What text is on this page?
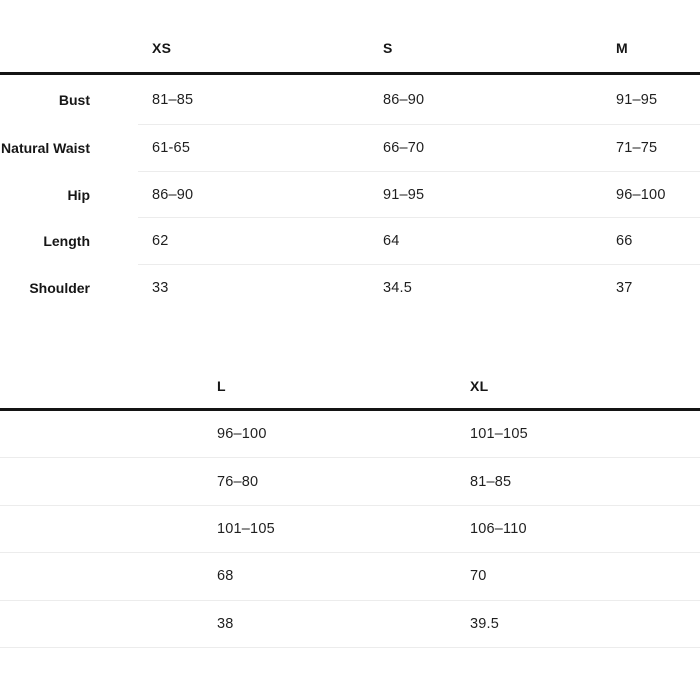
XS	S	M
Bust	81–85	86–90	91–95
Natural Waist	61-65	66–70	71–75
Hip	86–90	91–95	96–100
Length	62	64	66
Shoulder	33	34.5	37
L	XL
96–100	101–105
76–80	81–85
101–105	106–110
68	70
38	39.5
